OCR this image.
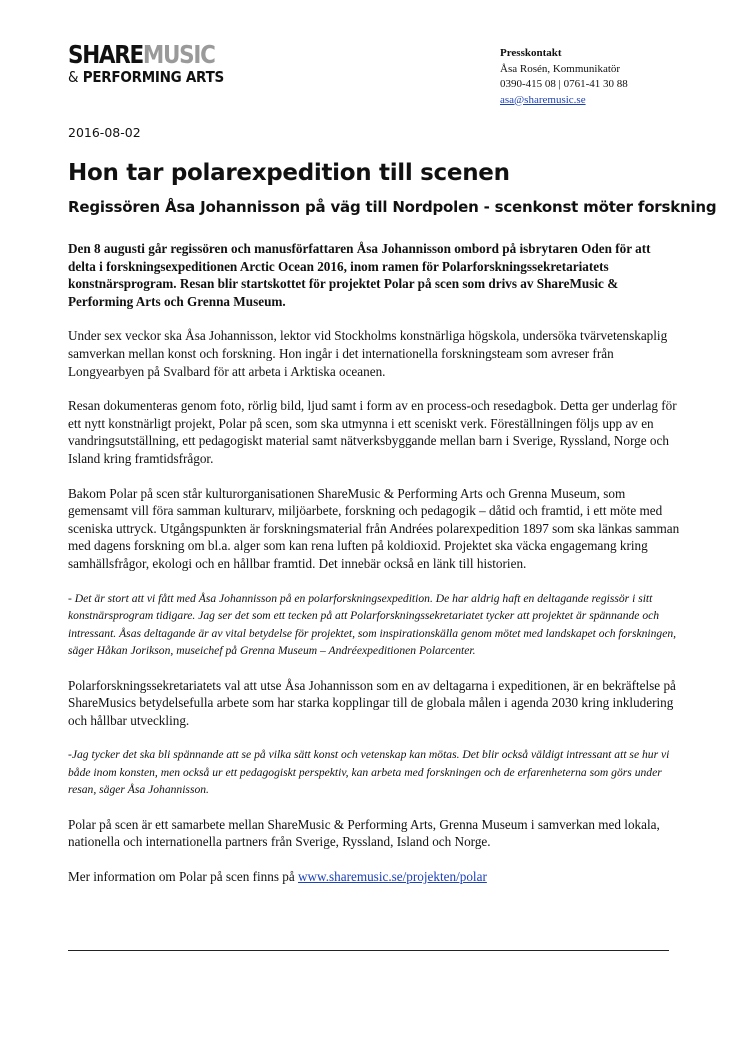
SHAREMUSIC
& PERFORMING ARTS
Presskontakt
Åsa Rosén, Kommunikatör
0390-415 08 | 0761-41 30 88
asa@sharemusic.se
2016-08-02
Hon tar polarexpedition till scenen
Regissören Åsa Johannisson på väg till Nordpolen - scenkonst möter forskning

Den 8 augusti går regissören och manusförfattaren Åsa Johannisson ombord på isbrytaren Oden för att delta i forskningsexpeditionen Arctic Ocean 2016, inom ramen för Polarforskningssekretariatets konstnärsprogram. Resan blir startskottet för projektet Polar på scen som drivs av ShareMusic & Performing Arts och Grenna Museum.

Under sex veckor ska Åsa Johannisson, lektor vid Stockholms konstnärliga högskola, undersöka tvärvetenskaplig samverkan mellan konst och forskning. Hon ingår i det internationella forskningsteam som avreser från Longyearbyen på Svalbard för att arbeta i Arktiska oceanen.

Resan dokumenteras genom foto, rörlig bild, ljud samt i form av en process-och resedagbok. Detta ger underlag för ett nytt konstnärligt projekt, Polar på scen, som ska utmynna i ett sceniskt verk. Föreställningen följs upp av en vandringsutställning, ett pedagogiskt material samt nätverksbyggande mellan barn i Sverige, Ryssland, Norge och Island kring framtidsfrågor.

Bakom Polar på scen står kulturorganisationen ShareMusic & Performing Arts och Grenna Museum, som gemensamt vill föra samman kulturarv, miljöarbete, forskning och pedagogik – dåtid och framtid, i ett möte med sceniska uttryck. Utgångspunkten är forskningsmaterial från Andrées polarexpedition 1897 som ska länkas samman med dagens forskning om bl.a. alger som kan rena luften på koldioxid. Projektet ska väcka engagemang kring samhällsfrågor, ekologi och en hållbar framtid. Det innebär också en länk till historien.

- Det är stort att vi fått med Åsa Johannisson på en polarforskningsexpedition. De har aldrig haft en deltagande regissör i sitt konstnärsprogram tidigare. Jag ser det som ett tecken på att Polarforskningssekretariatet tycker att projektet är spännande och intressant. Åsas deltagande är av vital betydelse för projektet, som inspirationskälla genom mötet med landskapet och forskningen, säger Håkan Jorikson, museichef på Grenna Museum – Andréexpeditionen Polarcenter.

Polarforskningssekretariatets val att utse Åsa Johannisson som en av deltagarna i expeditionen, är en bekräftelse på ShareMusics betydelsefulla arbete som har starka kopplingar till de globala målen i agenda 2030 kring inkludering och hållbar utveckling.

-Jag tycker det ska bli spännande att se på vilka sätt konst och vetenskap kan mötas. Det blir också väldigt intressant att se hur vi både inom konsten, men också ur ett pedagogiskt perspektiv, kan arbeta med forskningen och de erfarenheterna som görs under resan, säger Åsa Johannisson.

Polar på scen är ett samarbete mellan ShareMusic & Performing Arts, Grenna Museum i samverkan med lokala, nationella och internationella partners från Sverige, Ryssland, Island och Norge.

Mer information om Polar på scen finns på www.sharemusic.se/projekten/polar
